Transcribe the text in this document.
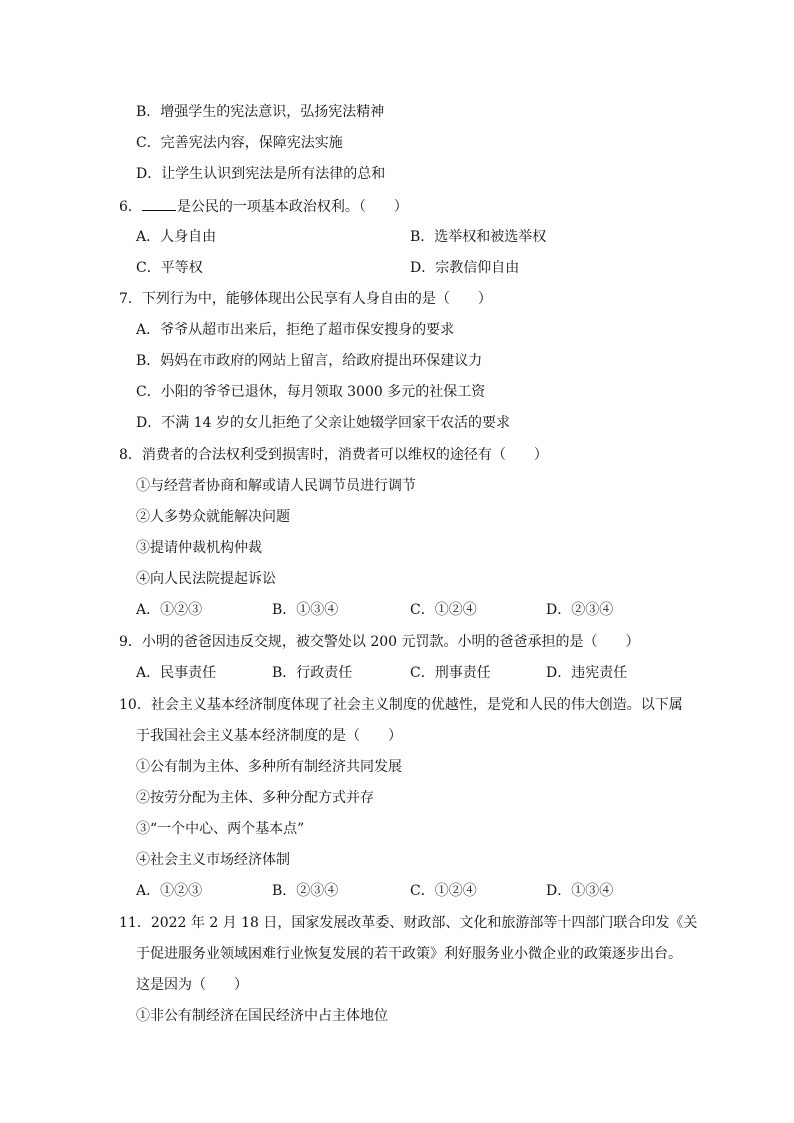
B．增强学生的宪法意识，弘扬宪法精神
C．完善宪法内容，保障宪法实施
D．让学生认识到宪法是所有法律的总和
6．	是公民的一项基本政治权利。（　　）
A．人身自由	B．选举权和被选举权
C．平等权	D．宗教信仰自由
7．下列行为中，能够体现出公民享有人身自由的是（　　）
A．爷爷从超市出来后，拒绝了超市保安搜身的要求
B．妈妈在市政府的网站上留言，给政府提出环保建议力
C．小阳的爷爷已退休，每月领取 3000 多元的社保工资
D．不满 14 岁的女儿拒绝了父亲让她辍学回家干农活的要求
8．消费者的合法权利受到损害时，消费者可以维权的途径有（　　）
①与经营者协商和解或请人民调节员进行调节
②人多势众就能解决问题
③提请仲裁机构仲裁
④向人民法院提起诉讼
A．①②③	B．①③④	C．①②④	D．②③④
9．小明的爸爸因违反交规，被交警处以 200 元罚款。小明的爸爸承担的是（　　）
A．民事责任	B．行政责任	C．刑事责任	D．违宪责任
10．社会主义基本经济制度体现了社会主义制度的优越性，是党和人民的伟大创造。以下属
于我国社会主义基本经济制度的是（　　）
①公有制为主体、多种所有制经济共同发展
②按劳分配为主体、多种分配方式并存
③“一个中心、两个基本点”
④社会主义市场经济体制
A．①②③	B．②③④	C．①②④	D．①③④
11．2022 年 2 月 18 日，国家发展改革委、财政部、文化和旅游部等十四部门联合印发《关
于促进服务业领域困难行业恢复发展的若干政策》利好服务业小微企业的政策逐步出台。
这是因为（　　）
①非公有制经济在国民经济中占主体地位
